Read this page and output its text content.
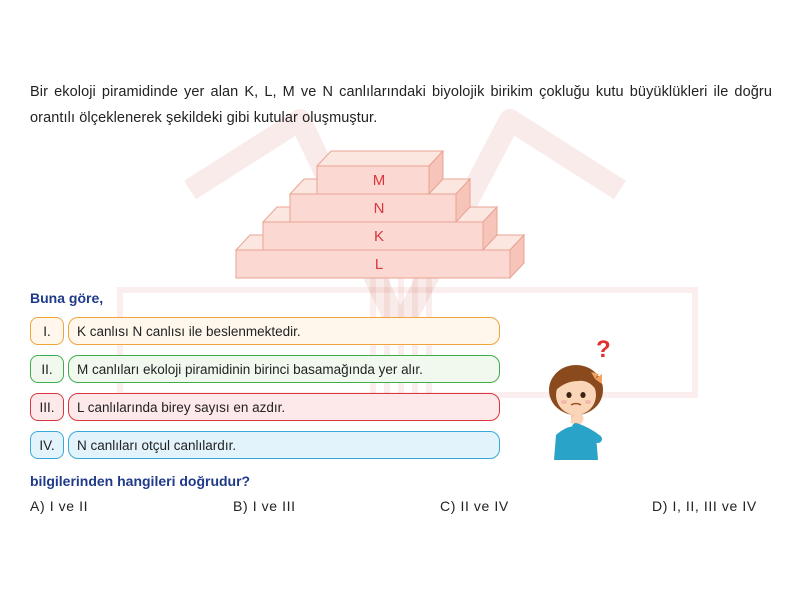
Bir ekoloji piramidinde yer alan K, L, M ve N canlılarındaki biyolojik birikim çokluğu kutu büyüklükleri ile doğru orantılı ölçeklenerek şekildeki gibi kutular oluşmuştur.
M
N
K
L
Buna göre,
I.	K canlısı N canlısı ile beslenmektedir.
II.	M canlıları ekoloji piramidinin birinci basamağında yer alır.
III.	L canlılarında birey sayısı en azdır.
IV.	N canlıları otçul canlılardır.
?
bilgilerinden hangileri doğrudur?
A) I ve II	B) I ve III	C) II ve IV	D) I, II, III ve IV
